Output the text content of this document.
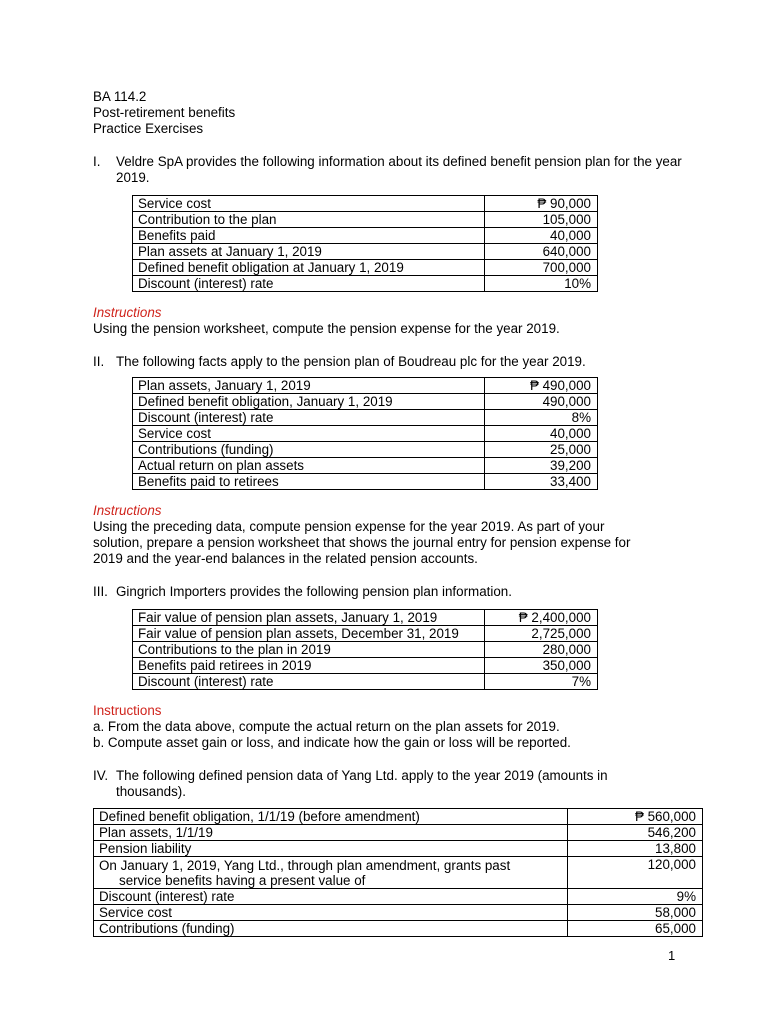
BA 114.2
Post-retirement benefits
Practice Exercises
I.	Veldre SpA provides the following information about its defined benefit pension plan for the year 2019.
Service cost	₱ 90,000
Contribution to the plan	105,000
Benefits paid	40,000
Plan assets at January 1, 2019	640,000
Defined benefit obligation at January 1, 2019	700,000
Discount (interest) rate	10%
Instructions
Using the pension worksheet, compute the pension expense for the year 2019.
II. The following facts apply to the pension plan of Boudreau plc for the year 2019.
Plan assets, January 1, 2019	₱ 490,000
Defined benefit obligation, January 1, 2019	490,000
Discount (interest) rate	8%
Service cost	40,000
Contributions (funding)	25,000
Actual return on plan assets	39,200
Benefits paid to retirees	33,400
Instructions
Using the preceding data, compute pension expense for the year 2019. As part of your solution, prepare a pension worksheet that shows the journal entry for pension expense for 2019 and the year-end balances in the related pension accounts.
III. Gingrich Importers provides the following pension plan information.
Fair value of pension plan assets, January 1, 2019	₱ 2,400,000
Fair value of pension plan assets, December 31, 2019	2,725,000
Contributions to the plan in 2019	280,000
Benefits paid retirees in 2019	350,000
Discount (interest) rate	7%
Instructions
a. From the data above, compute the actual return on the plan assets for 2019.
b. Compute asset gain or loss, and indicate how the gain or loss will be reported.
IV. The following defined pension data of Yang Ltd. apply to the year 2019 (amounts in thousands).
Defined benefit obligation, 1/1/19 (before amendment)	₱ 560,000
Plan assets, 1/1/19	546,200
Pension liability	13,800

On January 1, 2019, Yang Ltd., through plan amendment, grants past
service benefits having a present value of	120,000
Discount (interest) rate	9%
Service cost	58,000
Contributions (funding)	65,000
1
